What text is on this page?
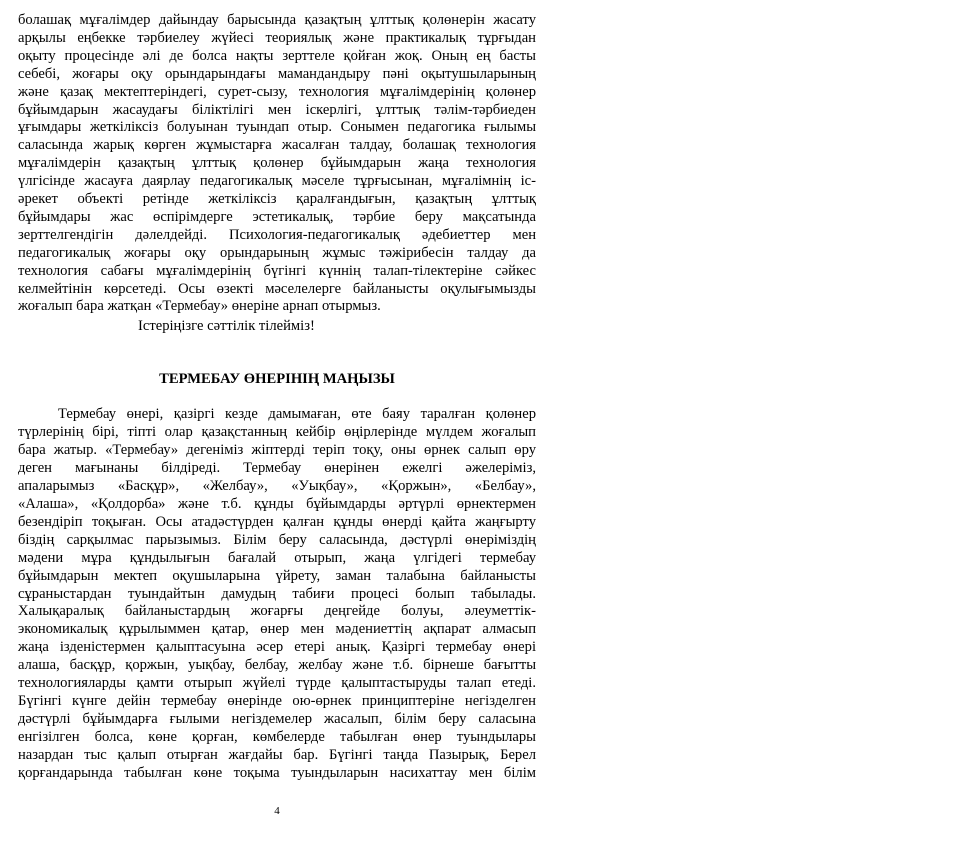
болашақ мұғалімдер дайындау барысында қазақтың ұлттық қолөнерін жасату
арқылы еңбекке тәрбиелеу жүйесі теориялық және практикалық тұрғыдан
оқыту процесінде әлі де болса нақты зерттеле қойған жоқ. Оның ең басты
себебі, жоғары оқу орындарындағы мамандандыру пәні оқытушыларының
және қазақ мектептеріндегі, сурет-сызу, технология мұғалімдерінің қолөнер
бұйымдарын жасаудағы біліктілігі мен іскерлігі, ұлттық тәлім-тәрбиеден
ұғымдары жеткіліксіз болуынан туындап отыр. Сонымен педагогика ғылымы
саласында жарық көрген жұмыстарға жасалған талдау, болашақ технология
мұғалімдерін қазақтың ұлттық қолөнер бұйымдарын жаңа технология
үлгісінде жасауға даярлау педагогикалық мәселе тұрғысынан, мұғалімнің іс-
әрекет объекті ретінде жеткіліксіз қаралғандығын, қазақтың ұлттық
бұйымдары жас өспірімдерге эстетикалық, тәрбие беру мақсатында
зерттелгендігін дәлелдейді. Психология-педагогикалық әдебиеттер мен
педагогикалық жоғары оқу орындарының жұмыс тәжірибесін талдау да
технология сабағы мұғалімдерінің бүгінгі күннің талап-тілектеріне сәйкес
келмейтінін көрсетеді. Осы өзекті мәселелерге байланысты оқулығымызды
жоғалып бара жатқан «Термебау» өнеріне арнап отырмыз.
Істеріңізге сәттілік тілейміз!
ТЕРМЕБАУ ӨНЕРІНІҢ МАҢЫЗЫ
Термебау өнері, қазіргі кезде дамымаған, өте баяу таралған қолөнер
түрлерінің бірі, тіпті олар қазақстанның кейбір өңірлерінде мүлдем жоғалып
бара жатыр. «Термебау» дегеніміз жіптерді теріп тоқу, оны өрнек салып өру
деген мағынаны білдіреді. Термебау өнерінен ежелгі әжелеріміз,
апаларымыз «Басқұр», «Желбау», «Уықбау», «Қоржын», «Белбау»,
«Алаша», «Қолдорба» және т.б. құнды бұйымдарды әртүрлі өрнектермен
безендіріп тоқыған. Осы атадәстүрден қалған құнды өнерді қайта жаңғырту
біздің сарқылмас парызымыз. Білім беру саласында, дәстүрлі өнеріміздің
мәдени мұра құндылығын бағалай отырып, жаңа үлгідегі термебау
бұйымдарын мектеп оқушыларына үйрету, заман талабына байланысты
сұраныстардан туындайтын дамудың табиғи процесі болып табылады.
Халықаралық байланыстардың жоғарғы деңгейде болуы, әлеуметтік-
экономикалық құрылыммен қатар, өнер мен мәдениеттің ақпарат алмасып
жаңа ізденістермен қалыптасуына әсер етері анық. Қазіргі термебау өнері
алаша, басқұр, қоржын, уықбау, белбау, желбау және т.б. бірнеше бағытты
технологияларды қамти отырып жүйелі түрде қалыптастыруды талап етеді.
Бүгінгі күнге дейін термебау өнерінде ою-өрнек принциптеріне негізделген
дәстүрлі бұйымдарға ғылыми негіздемелер жасалып, білім беру саласына
енгізілген болса, көне қорған, көмбелерде табылған өнер туындылары
назардан тыс қалып отырған жағдайы бар. Бүгінгі таңда Пазырық, Берел
қорғандарында табылған көне тоқыма туындыларын насихаттау мен білім
4
